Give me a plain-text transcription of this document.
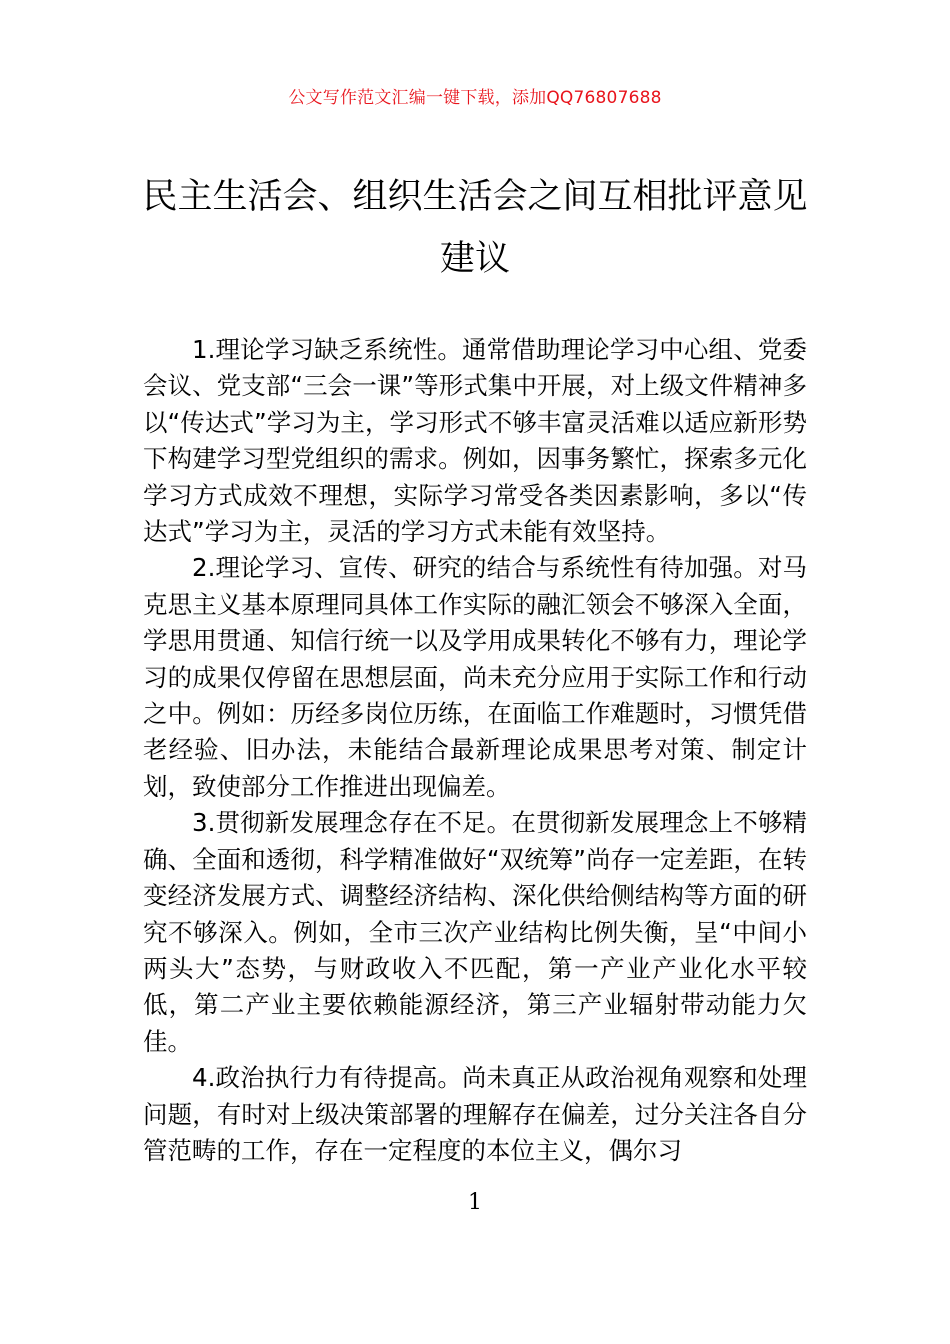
公文写作范文汇编一键下载，添加QQ76807688
民主生活会、组织生活会之间互相批评意见建议

1.理论学习缺乏系统性。通常借助理论学习中心组、党委会议、党支部“三会一课”等形式集中开展，对上级文件精神多以“传达式”学习为主，学习形式不够丰富灵活难以适应新形势下构建学习型党组织的需求。例如，因事务繁忙，探索多元化学习方式成效不理想，实际学习常受各类因素影响，多以“传达式”学习为主，灵活的学习方式未能有效坚持。

2.理论学习、宣传、研究的结合与系统性有待加强。对马克思主义基本原理同具体工作实际的融汇领会不够深入全面，学思用贯通、知信行统一以及学用成果转化不够有力，理论学习的成果仅停留在思想层面，尚未充分应用于实际工作和行动之中。例如：历经多岗位历练，在面临工作难题时，习惯凭借老经验、旧办法，未能结合最新理论成果思考对策、制定计划，致使部分工作推进出现偏差。

3.贯彻新发展理念存在不足。在贯彻新发展理念上不够精确、全面和透彻，科学精准做好“双统筹”尚存一定差距，在转变经济发展方式、调整经济结构、深化供给侧结构等方面的研究不够深入。例如，全市三次产业结构比例失衡，呈“中间小两头大”态势，与财政收入不匹配，第一产业产业化水平较低，第二产业主要依赖能源经济，第三产业辐射带动能力欠佳。

4.政治执行力有待提高。尚未真正从政治视角观察和处理问题，有时对上级决策部署的理解存在偏差，过分关注各自分管范畴的工作，存在一定程度的本位主义，偶尔习

1
